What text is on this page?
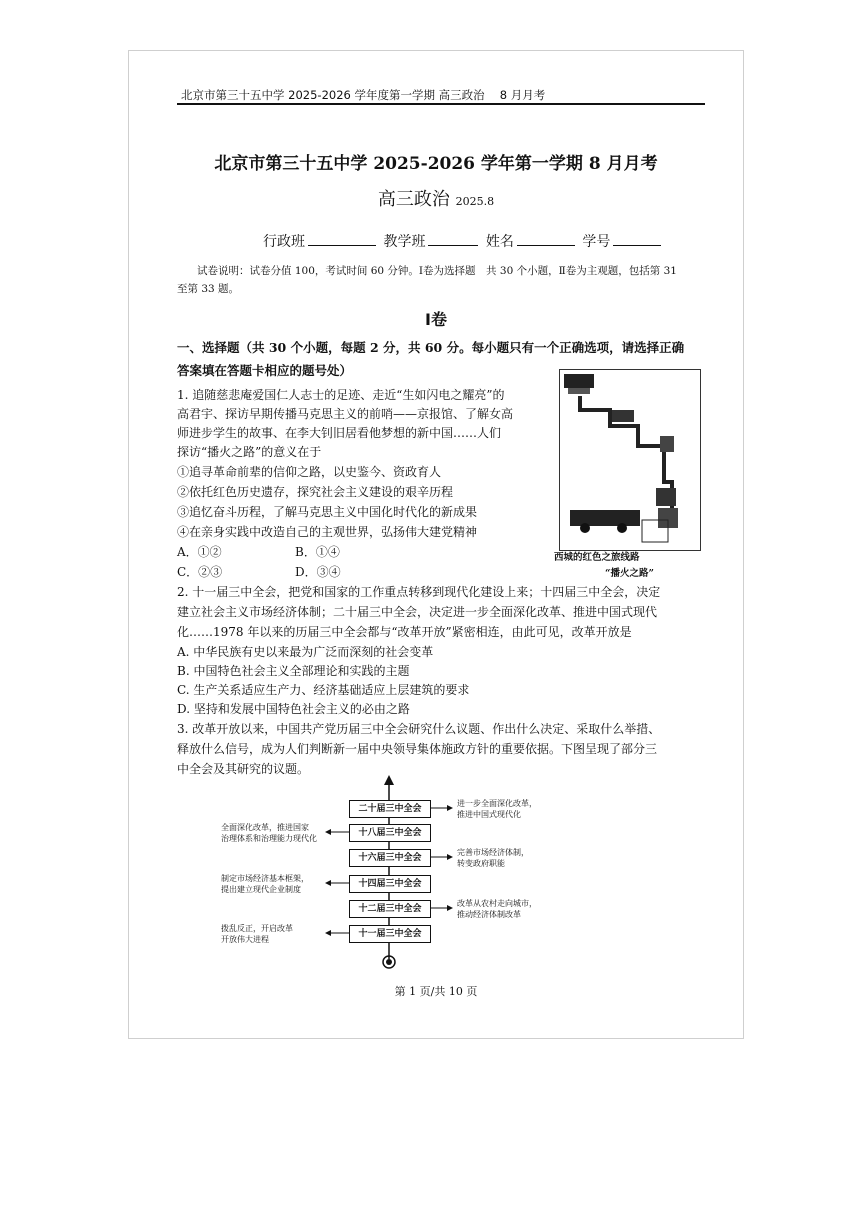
北京市第三十五中学 2025-2026 学年度第一学期 高三政治　 8 月月考
北京市第三十五中学 2025-2026 学年第一学期 8 月月考
高三政治 2025.8
行政班	教学班	姓名	学号
试卷说明：试卷分值 100，考试时间 60 分钟。Ⅰ卷为选择题　共 30 个小题，Ⅱ卷为主观题，包括第 31
至第 33 题。
Ⅰ卷
一、选择题（共 30 个小题，每题 2 分，共 60 分。每小题只有一个正确选项，请选择正确
答案填在答题卡相应的题号处）
1. 追随慈悲庵爱国仁人志士的足迹、走近“生如闪电之耀亮”的
高君宇、探访早期传播马克思主义的前哨——京报馆、了解女高
师进步学生的故事、在李大钊旧居看他梦想的新中国……人们
探访“播火之路”的意义在于
①追寻革命前辈的信仰之路，以史鉴今、资政育人
②依托红色历史遗存，探究社会主义建设的艰辛历程
③追忆奋斗历程，了解马克思主义中国化时代化的新成果
④在亲身实践中改造自己的主观世界，弘扬伟大建党精神
A．①②	B．①④
C．②③	D．③④
西城的红色之旅线路
“播火之路”
2. 十一届三中全会，把党和国家的工作重点转移到现代化建设上来；十四届三中全会，决定
建立社会主义市场经济体制；二十届三中全会，决定进一步全面深化改革、推进中国式现代
化……1978 年以来的历届三中全会都与“改革开放”紧密相连，由此可见，改革开放是
A. 中华民族有史以来最为广泛而深刻的社会变革
B. 中国特色社会主义全部理论和实践的主题
C. 生产关系适应生产力、经济基础适应上层建筑的要求
D. 坚持和发展中国特色社会主义的必由之路
3. 改革开放以来，中国共产党历届三中全会研究什么议题、作出什么决定、采取什么举措、
释放什么信号，成为人们判断新一届中央领导集体施政方针的重要依据。下图呈现了部分三
中全会及其研究的议题。
二十届三中全会
十八届三中全会
十六届三中全会
十四届三中全会
十二届三中全会
十一届三中全会
进一步全面深化改革，
推进中国式现代化
完善市场经济体制，
转变政府职能
改革从农村走向城市，
推动经济体制改革
全面深化改革，推进国家
治理体系和治理能力现代化
制定市场经济基本框架，
提出建立现代企业制度
拨乱反正，开启改革
开放伟大进程
第 1 页/共 10 页
